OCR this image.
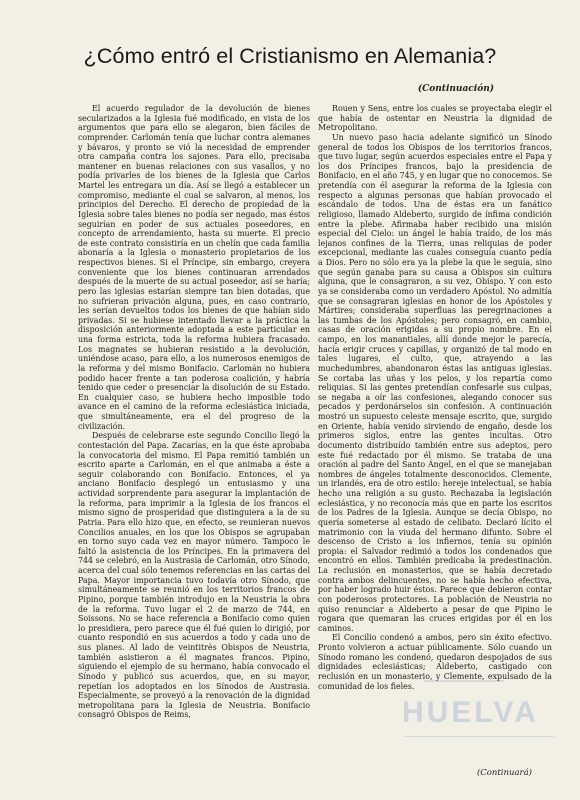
¿Cómo entró el Cristianismo en Alemania?
(Continuación)

El acuerdo regulador de la devolución de bienes secularizados a la Iglesia fué modificado, en vista de los argumentos que para ello se alegaron, bien fáciles de comprender. Carlomán tenía que luchar contra alemanes y bávaros, y pronto se vió la necesidad de emprender otra campaña contra los sajones. Para ello, precisaba mantener en buenas relaciones con sus vasallos, y no podía privarles de los bienes de la Iglesia que Carlos Martel les entregara un día. Así se llegó a establecer un compromiso, mediante el cual se salvaron, al menos, los principios del Derecho. El derecho de propiedad de la Iglesia sobre tales bienes no podía ser negado, mas éstos seguirían en poder de sus actuales poseedores, en concepto de arrendamiento, hasta su muerte. El precio de este contrato consistiría en un chelín que cada familia abonaría a la Iglesia o monasterio propietarios de los respectivos bienes. Si el Príncipe, sin embargo, creyera conveniente que los bienes continuaran arrendados después de la muerte de su actual poseedor, así se haría; pero las iglesias estarían siempre tan bien dotadas, que no sufrieran privación alguna, pues, en caso contrario, les serían devueltos todos los bienes de que habían sido privadas. Si se hubiese intentado llevar a la práctica la disposición anteriormente adoptada a este particular en una forma estricta, toda la reforma hubiera fracasado. Los magnates se hubieran resistido a la devolución, uniéndose acaso, para ello, a los numerosos enemigos de la reforma y del mismo Bonifacio. Carlomán no hubiera podido hacer frente a tan poderosa coalición, y habría tenido que ceder o presenciar la disolución de su Estado. En cualquier caso, se hubiera hecho imposible todo avance en el camino de la reforma eclesiástica iniciada, que simultáneamente, era el del progreso de la civilización.

Después de celebrarse este segundo Concilio llegó la contestación del Papa. Zacarías, en la que éste aprobaba la convocatoria del mismo. El Papa remitió también un escrito aparte a Carlomán, en el que animaba a éste a seguir colaborando con Bonifacio. Entonces, el ya anciano Bonifacio desplegó un entusiasmo y una actividad sorprendente para asegurar la implantación de la reforma, para imprimir a la Iglesia de los francos el mismo signo de prosperidad que distinguiera a la de su Patria. Para ello hizo que, en efecto, se reunieran nuevos Concilios anuales, en los que los Obispos se agrupaban en torno suyo cada vez en mayor número. Tampoco le faltó la asistencia de los Príncipes. En la primavera del 744 se celebró, en la Austrasia de Carlomán, otro Sínodo, acerca del cual sólo tenemos referencias en las cartas del Papa. Mayor importancia tuvo todavía otro Sínodo, que simultáneamente se reunió en los territorios francos de Pipino, porque también introdujo en la Neustria la obra de la reforma. Tuvo lugar el 2 de marzo de 744, en Soissons. No se hace referencia a Bonifacio como quien lo presidiera, pero parece que él fué quien lo dirigió, por cuanto respondió en sus acuerdos a todo y cada uno de sus planes. Al lado de veintitrés Obispos de Neustria, también asistieron a él magnates francos. Pipino, siguiendo el ejemplo de su hermano, había convocado el Sínodo y publicó sus acuerdos, que, en su mayor, repetían los adoptados en los Sínodos de Austrasia. Especialmente, se proveyó a la renovación de la dignidad metropolitana para la Iglesia de Neustria. Bonifacio consagró Obispos de Reims,

Rouen y Sens, entre los cuales se proyectaba elegir el que había de ostentar en Neustria la dignidad de Metropolitano.

Un nuevo paso hacia adelante significó un Sínodo general de todos los Obispos de los territorios francos, que tuvo lugar, según acuerdos especiales entre el Papa y los dos Príncipes francos, bajo la presidencia de Bonifacio, en el año 745, y en lugar que no conocemos. Se pretendía con él asegurar la reforma de la Iglesia con respecto a algunas personas que habían provocado el escándalo de todos. Una de éstas era un fanático religioso, llamado Aldeberto, surgido de ínfima condición entre la plebe. Afirmaba haber recibido una misión especial del Cielo: un ángel le había traído, de los más lejanos confines de la Tierra, unas reliquias de poder excepcional, mediante las cuales conseguía cuanto pedía a Dios. Pero no sólo era ya la plebe la que le seguía, sino que según ganaba para su causa a Obispos sin cultura alguna, que le consagraron, a su vez, Obispo. Y con esto ya se consideraba como un verdadero Apóstol. No admitía que se consagraran iglesias en honor de los Apóstoles y Mártires; consideraba superfluas las peregrinaciones a las tumbas de los Apóstoles; pero consagró, en cambio, casas de oración erigidas a su propio nombre. En el campo, en los manantiales, allí donde mejor le parecía, hacía erigir cruces y capillas, y organizó de tal modo en tales lugares, el culto, que, atrayendo a las muchedumbres, abandonaron éstas las antiguas iglesias. Se cortaba las uñas y los pelos, y los repartía como reliquias. Si las gentes pretendían confesarle sus culpas, se negaba a oír las confesiones, alegando conocer sus pecados y perdonárselos sin confesión. A continuación mostró un supuesto celeste mensaje escrito, que, surgido en Oriente, había venido sirviendo de engaño, desde los primeros siglos, entre las gentes incultas. Otro documento distribuído también entre sus adeptos, pero este fué redactado por él mismo. Se trataba de una oración al padre del Santo Ángel, en el que se manejaban nombres de ángeles totalmente desconocidos. Clemente, un irlandés, era de otro estilo: hereje intelectual, se había hecho una religión a su gusto. Rechazaba la legislación eclesiástica, y no reconocía más que en parte los escritos de los Padres de la Iglesia. Aunque se decía Obispo, no quería someterse al estado de celibato. Declaró lícito el matrimonio con la viuda del hermano difunto. Sobre el descenso de Cristo a los infiernos, tenía su opinión propia: el Salvador redimió a todos los condenados que encontró en ellos. También predicaba la predestinación. La reclusión en monasterios, que se había decretado contra ambos delincuentes, no se había hecho efectiva, por haber logrado huir éstos. Parece que debieron contar con poderosos protectores. La población de Neustria no quiso renunciar a Aldeberto a pesar de que Pipino le rogara que quemaran las cruces erigidas por él en los caminos.

El Concilio condenó a ambos, pero sin éxito efectivo. Pronto volvieron a actuar públicamente. Sólo cuando un Sínodo romano les condenó, quedaron despojados de sus dignidades eclesiásticas; Aldeberto, castigado con reclusión en un monasterio, y Clemente, expulsado de la comunidad de los fieles.

HUELVA
(Continuará)
